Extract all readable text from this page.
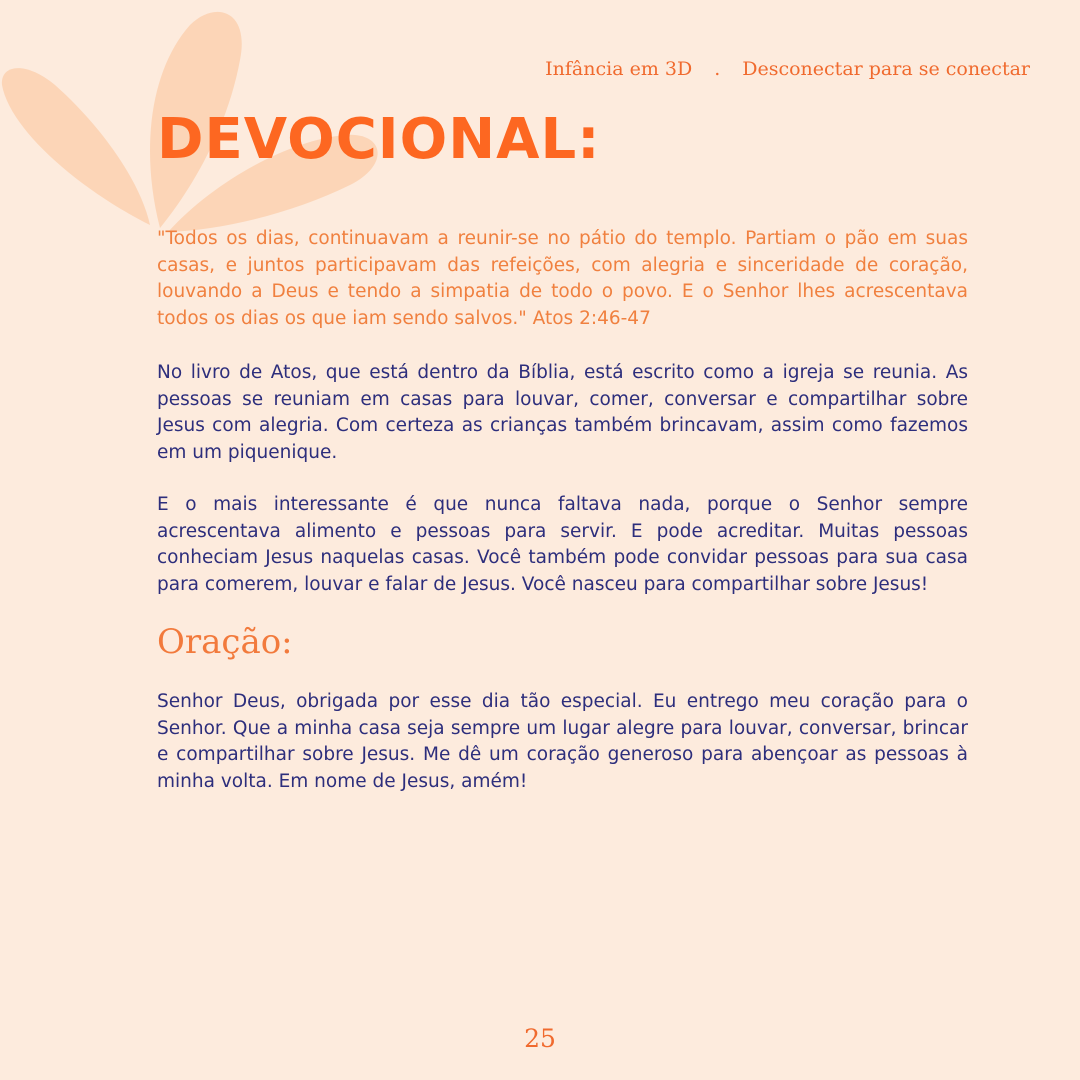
Infância em 3D . Desconectar para se conectar
DEVOCIONAL:

"Todos os dias, continuavam a reunir-se no pátio do templo. Partiam o pão em suas casas, e juntos participavam das refeições, com alegria e sinceridade de coração, louvando a Deus e tendo a simpatia de todo o povo. E o Senhor lhes acrescentava todos os dias os que iam sendo salvos." Atos 2:46-47

No livro de Atos, que está dentro da Bíblia, está escrito como a igreja se reunia. As pessoas se reuniam em casas para louvar, comer, conversar e compartilhar sobre Jesus com alegria. Com certeza as crianças também brincavam, assim como fazemos em um piquenique.

E o mais interessante é que nunca faltava nada, porque o Senhor sempre acrescentava alimento e pessoas para servir. E pode acreditar. Muitas pessoas conheciam Jesus naquelas casas. Você também pode convidar pessoas para sua casa para comerem, louvar e falar de Jesus. Você nasceu para compartilhar sobre Jesus!

Oração:

Senhor Deus, obrigada por esse dia tão especial. Eu entrego meu coração para o Senhor. Que a minha casa seja sempre um lugar alegre para louvar, conversar, brincar e compartilhar sobre Jesus. Me dê um coração generoso para abençoar as pessoas à minha volta. Em nome de Jesus, amém!

25
